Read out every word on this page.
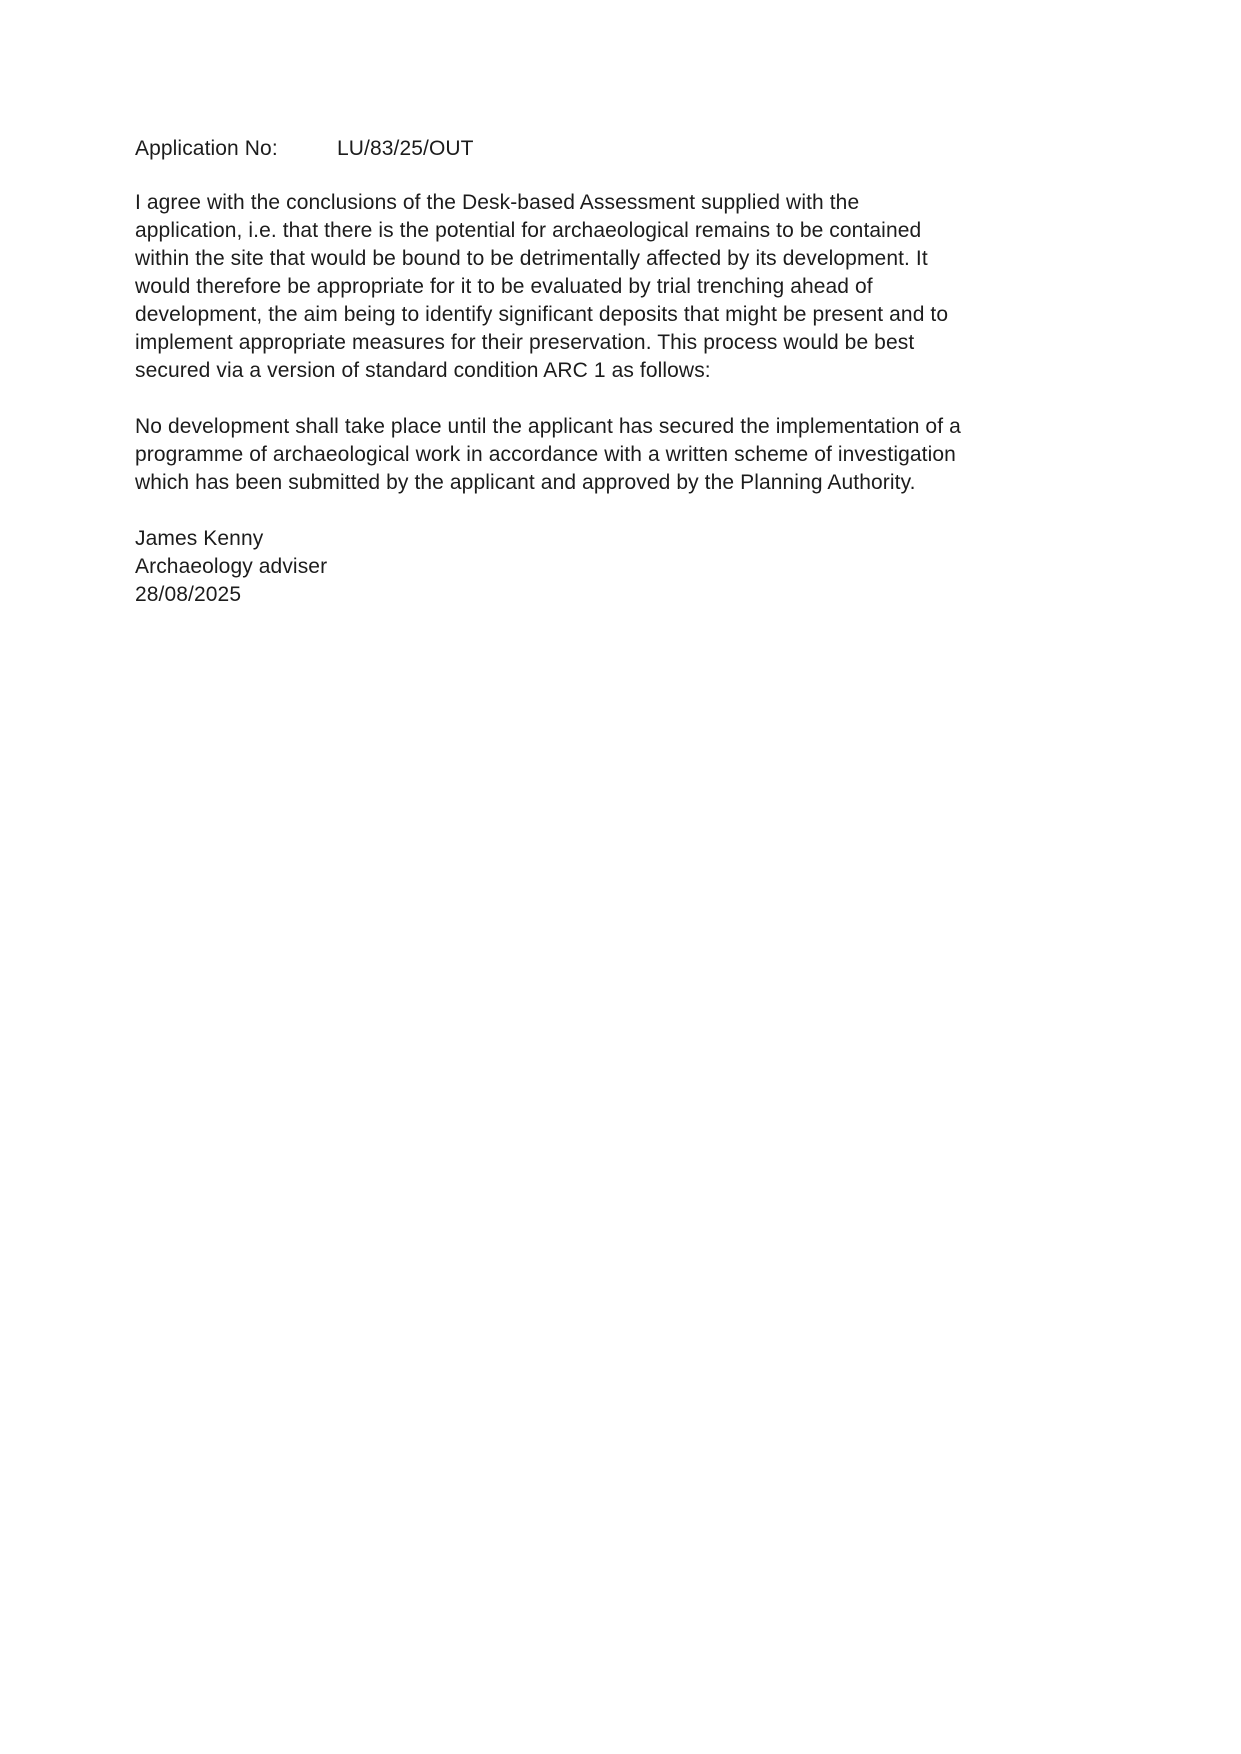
Application No:	LU/83/25/OUT

I agree with the conclusions of the Desk-based Assessment supplied with the application, i.e. that there is the potential for archaeological remains to be contained within the site that would be bound to be detrimentally affected by its development. It would therefore be appropriate for it to be evaluated by trial trenching ahead of development, the aim being to identify significant deposits that might be present and to implement appropriate measures for their preservation. This process would be best secured via a version of standard condition ARC 1 as follows:

No development shall take place until the applicant has secured the implementation of a programme of archaeological work in accordance with a written scheme of investigation which has been submitted by the applicant and approved by the Planning Authority.

James Kenny
Archaeology adviser
28/08/2025
